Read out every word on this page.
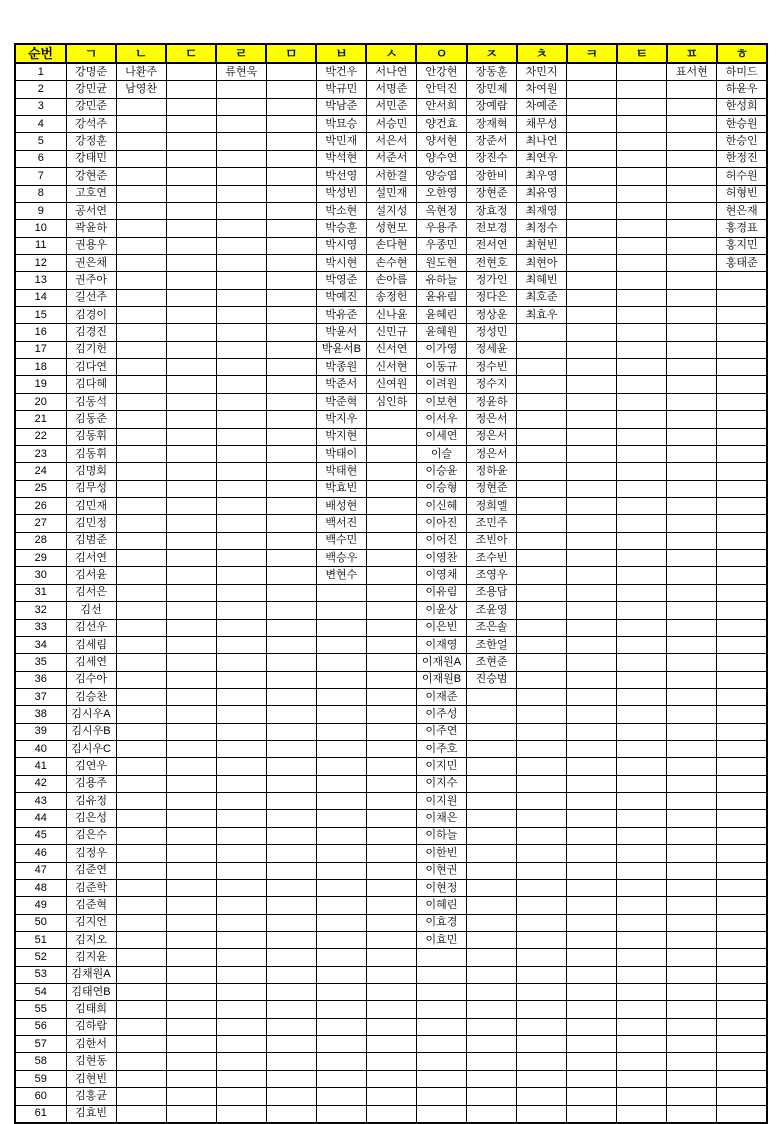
순번	ㄱ	ㄴ	ㄷ	ㄹ	ㅁ	ㅂ	ㅅ	ㅇ	ㅈ	ㅊ	ㅋ	ㅌ	ㅍ	ㅎ
1	강명준	나환주		류현욱		박건우	서나연	안강현	장동훈	차민지			표서현	하미드
2	강민균	남영찬				박규민	서명준	안덕진	장민제	차여원				하윤우
3	강민준					박남준	서민준	안서희	장예람	차예준				한성희
4	강석주					박묘승	서승민	양건효	장재혁	채무성				한승원
5	강정훈					박민재	서은서	양서현	장준서	최나연				한승인
6	강태민					박석현	서준서	양수연	장진수	최연우				한정진
7	강현준					박선영	서한결	양승엽	장한비	최우영				허수원
8	고호연					박성빈	설민재	오한영	장현준	최유영				허형빈
9	공서연					박소현	설지성	옥현정	장효정	최재영				현은재
10	곽윤하					박승훈	성현모	우용주	전보경	최정수				홍경표
11	권용우					박시영	손다현	우종민	전서연	최현빈				홍지민
12	권은채					박시현	손수현	원도현	전현호	최현아				홍태준
13	권주아					박영준	손아름	유하늘	정가인	최혜빈				
14	길선주					박예진	송정헌	윤유림	정다은	최호준				
15	김경이					박유준	신나윤	윤혜린	정상운	최효우				
16	김경진					박윤서	신민규	윤혜원	정성민					
17	김기헌					박윤서B	신서연	이가영	정세윤					
18	김다연					박종원	신서현	이동규	정수빈					
19	김다혜					박준서	신여원	이려원	정수지					
20	김동석					박준혁	심인하	이보현	정윤하					
21	김동준					박지우		이서우	정은서					
22	김동휘					박지현		이세연	정은서					
23	김동휘					박태이		이슬	정은서					
24	김명회					박태현		이승윤	정하윤					
25	김무성					박효빈		이승형	정현준					
26	김민재					배성현		이신혜	정희엘					
27	김민정					백서진		이아진	조민주					
28	김범준					백수민		이어진	조빈아					
29	김서연					백승우		이영찬	조수빈					
30	김서윤					변현수		이영채	조영우					
31	김서은							이유림	조용담					
32	김선							이윤상	조윤영					
33	김선우							이은빈	조은솔					
34	김세림							이재영	조한얼					
35	김세연							이재원A	조현준					
36	김수아							이재원B	진승범					
37	김승찬							이재준						
38	김시우A							이주성						
39	김시우B							이주연						
40	김시우C							이주호						
41	김연우							이지민						
42	김용주							이지수						
43	김유정							이지원						
44	김은성							이채은						
45	김은수							이하늘						
46	김정우							이한빈						
47	김준연							이현권						
48	김준학							이현정						
49	김준혁							이혜린						
50	김지언							이효경						
51	김지오							이효민						
52	김지윤													
53	김채원A													
54	김태연B													
55	김태희													
56	김하람													
57	김한서													
58	김현동													
59	김현빈													
60	김홍균													
61	김효빈													
